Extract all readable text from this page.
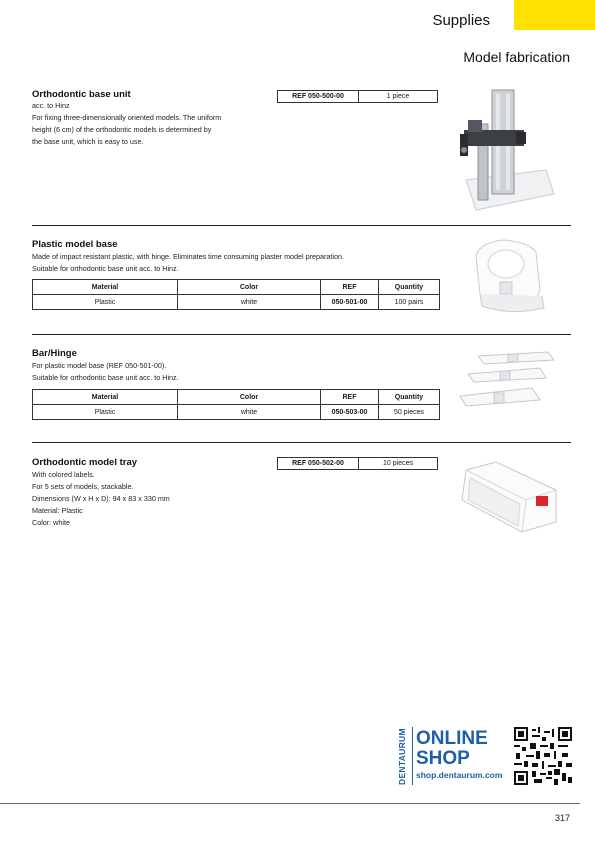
Supplies
Model fabrication
Orthodontic base unit
acc. to Hinz
For fixing three-dimensionally oriented models. The uniform
height (6 cm) of the orthodontic models is determined by
the base unit, which is easy to use.
REF 050-500-00	1 piece
Plastic model base
Made of impact resistant plastic, with hinge. Eliminates time consuming plaster model preparation.
Suitable for orthodontic base unit acc. to Hinz.
Material	Color	REF	Quantity
Plastic	white	050-501-00	100 pairs
Bar/Hinge
For plastic model base (REF 050-501-00).
Suitable for orthodontic base unit acc. to Hinz.
Material	Color	REF	Quantity
Plastic	white	050-503-00	50 pieces
Orthodontic model tray
With colored labels.
For 5 sets of models, stackable.
Dimensions (W x H x D): 94 x 83 x 330 mm
Material: Plastic
Color: white
REF 050-502-00	10 pieces
DENTAURUM ONLINE
SHOP
shop.dentaurum.com
317
